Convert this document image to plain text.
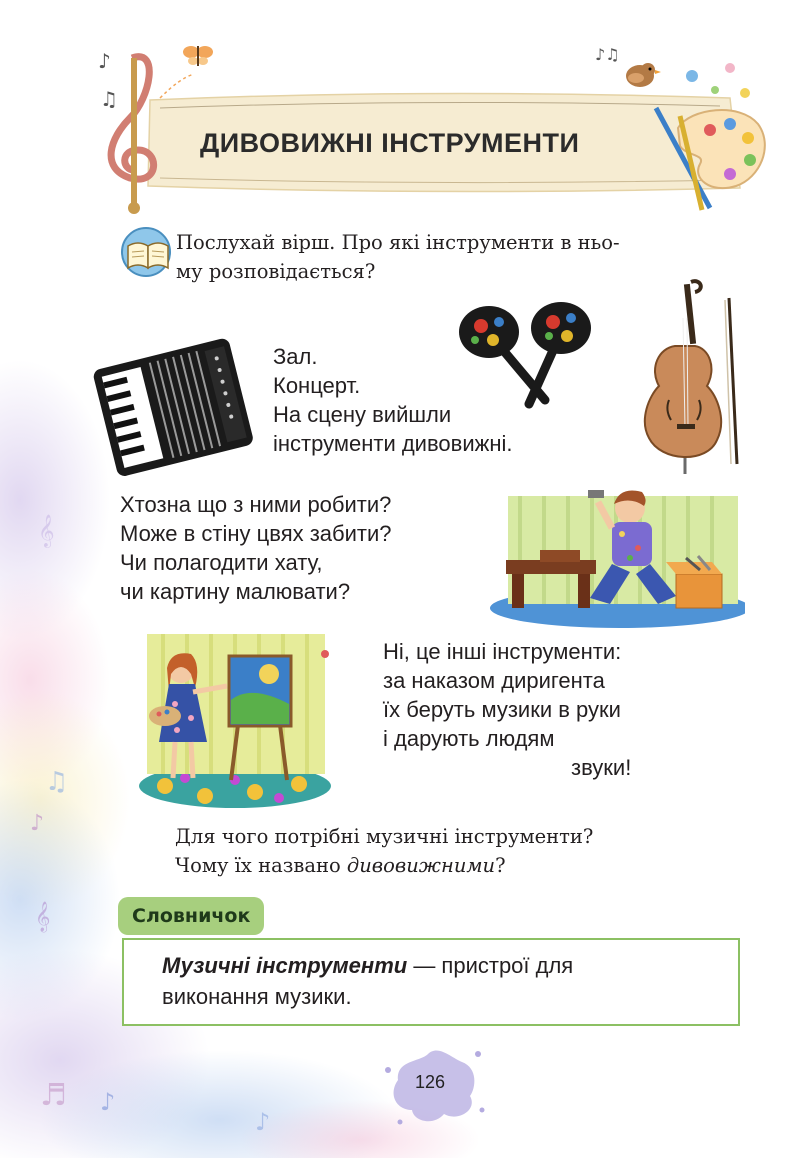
𝄞
♫
♪
𝄞
♪
♬
♪
♪
♫
♪♫
ДИВОВИЖНІ ІНСТРУМЕНТИ
Послухай вірш. Про які інструменти в ньо-
му розповідається?
Зал.
Концерт.
На сцену вийшли
інструменти дивовижні.
Хтозна що з ними робити?
Може в стіну цвях забити?
Чи полагодити хату,
чи картину малювати?
Ні, це інші інструменти:
за наказом диригента
їх беруть музики в руки
і дарують людям
звуки!
Для чого потрібні музичні інструменти?
Чому їх названо дивовижними?
Словничок
Музичні інструменти — пристрої для
виконання музики.
126
